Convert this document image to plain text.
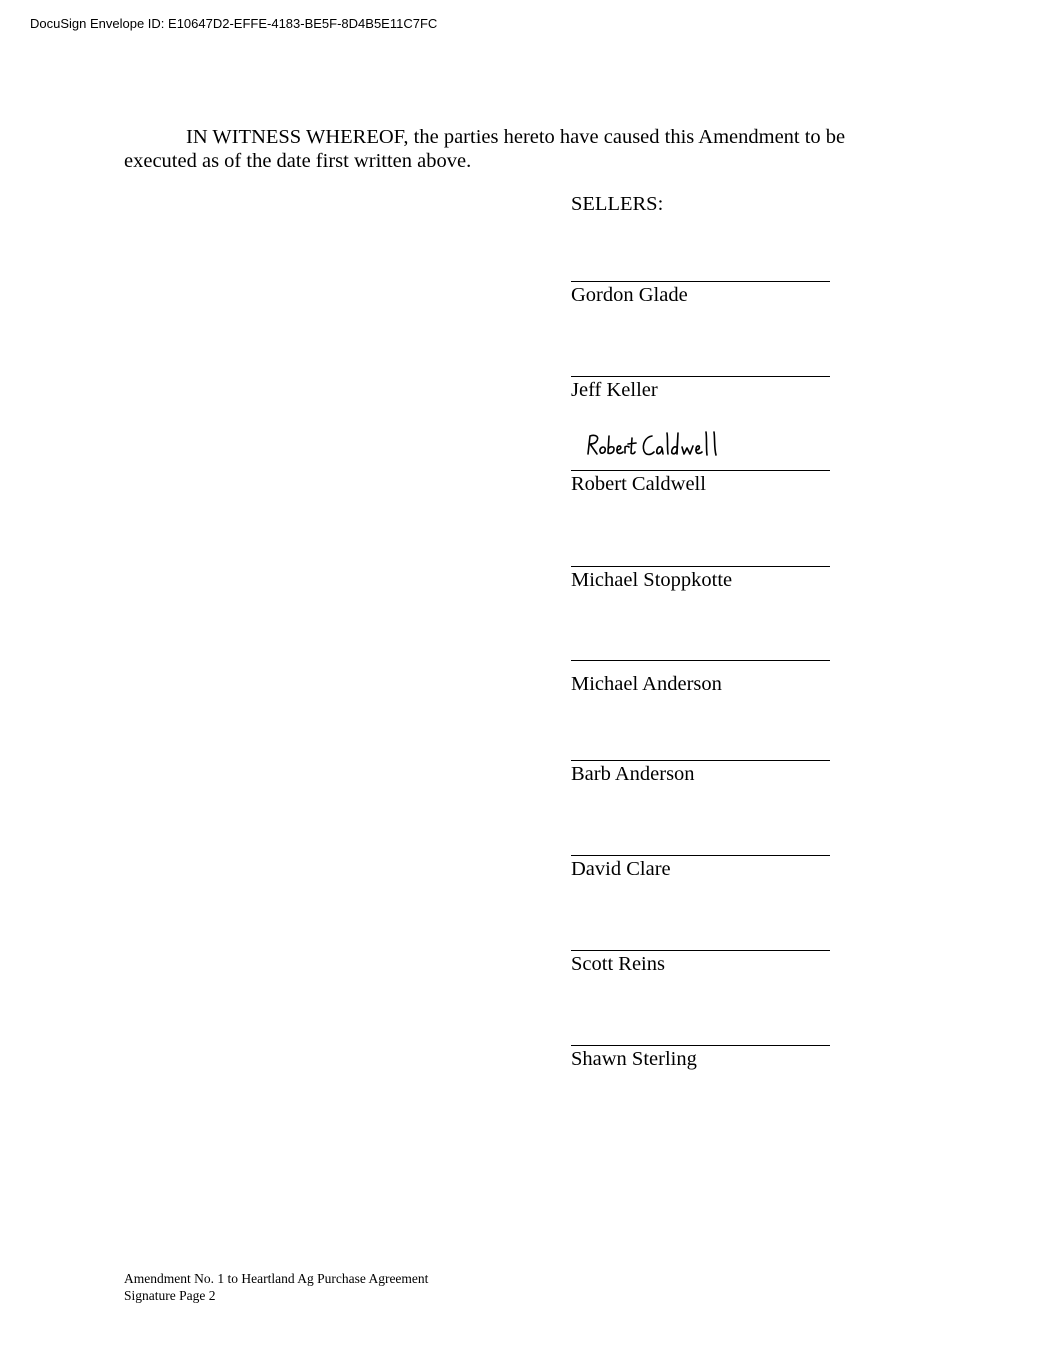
DocuSign Envelope ID: E10647D2-EFFE-4183-BE5F-8D4B5E11C7FC

IN WITNESS WHEREOF, the parties hereto have caused this Amendment to be executed as of the date first written above.

SELLERS:

Gordon Glade
Jeff Keller
Robert Caldwell
Michael Stoppkotte
Michael Anderson
Barb Anderson
David Clare
Scott Reins
Shawn Sterling
Amendment No. 1 to Heartland Ag Purchase Agreement
Signature Page 2
